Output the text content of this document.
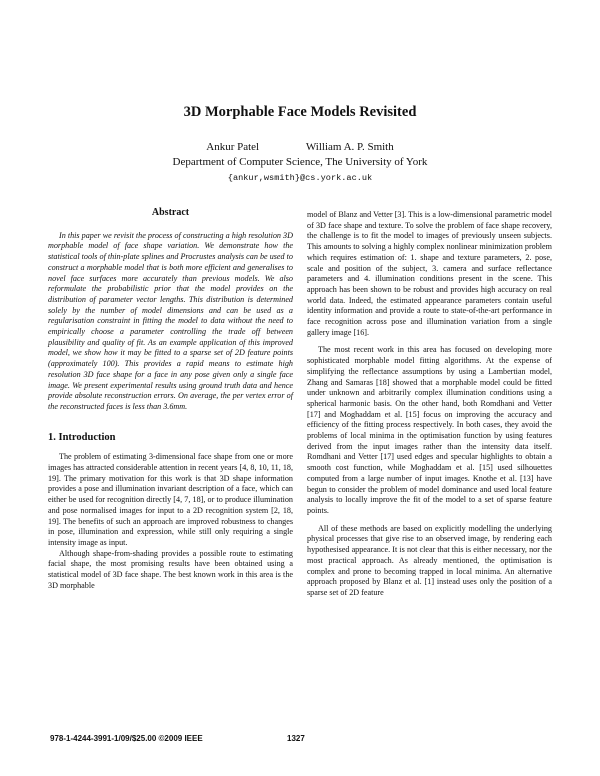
3D Morphable Face Models Revisited
Ankur Patel	William A. P. Smith
Department of Computer Science, The University of York
{ankur,wsmith}@cs.york.ac.uk

Abstract

In this paper we revisit the process of constructing a high resolution 3D morphable model of face shape variation. We demonstrate how the statistical tools of thin-plate splines and Procrustes analysis can be used to construct a morphable model that is both more efficient and generalises to novel face surfaces more accurately than previous models. We also reformulate the probabilistic prior that the model provides on the distribution of parameter vector lengths. This distribution is determined solely by the number of model dimensions and can be used as a regularisation constraint in fitting the model to data without the need to empirically choose a parameter controlling the trade off between plausibility and quality of fit. As an example application of this improved model, we show how it may be fitted to a sparse set of 2D feature points (approximately 100). This provides a rapid means to estimate high resolution 3D face shape for a face in any pose given only a single face image. We present experimental results using ground truth data and hence provide absolute reconstruction errors. On average, the per vertex error of the reconstructed faces is less than 3.6mm.

1. Introduction

The problem of estimating 3-dimensional face shape from one or more images has attracted considerable attention in recent years [4, 8, 10, 11, 18, 19]. The primary motivation for this work is that 3D shape information provides a pose and illumination invariant description of a face, which can either be used for recognition directly [4, 7, 18], or to produce illumination and pose normalised images for input to a 2D recognition system [2, 18, 19]. The benefits of such an approach are improved robustness to changes in pose, illumination and expression, while still only requiring a single intensity image as input.

Although shape-from-shading provides a possible route to estimating facial shape, the most promising results have been obtained using a statistical model of 3D face shape. The best known work in this area is the 3D morphable

model of Blanz and Vetter [3]. This is a low-dimensional parametric model of 3D face shape and texture. To solve the problem of face shape recovery, the challenge is to fit the model to images of previously unseen subjects. This amounts to solving a highly complex nonlinear minimization problem which requires estimation of: 1. shape and texture parameters, 2. pose, scale and position of the subject, 3. camera and surface reflectance parameters and 4. illumination conditions present in the scene. This approach has been shown to be robust and provides high accuracy on real world data. Indeed, the estimated appearance parameters contain useful identity information and provide a route to state-of-the-art performance in face recognition across pose and illumination variation from a single gallery image [16].

The most recent work in this area has focused on developing more sophisticated morphable model fitting algorithms. At the expense of simplifying the reflectance assumptions by using a Lambertian model, Zhang and Samaras [18] showed that a morphable model could be fitted under unknown and arbitrarily complex illumination conditions using a spherical harmonic basis. On the other hand, both Romdhani and Vetter [17] and Moghaddam et al. [15] focus on improving the accuracy and efficiency of the fitting process respectively. In both cases, they avoid the problems of local minima in the optimisation function by using features derived from the input images rather than the intensity data itself. Romdhani and Vetter [17] used edges and specular highlights to obtain a smooth cost function, while Moghaddam et al. [15] used silhouettes computed from a large number of input images. Knothe et al. [13] have begun to consider the problem of model dominance and used local feature analysis to locally improve the fit of the model to a set of sparse feature points.

All of these methods are based on explicitly modelling the underlying physical processes that give rise to an observed image, by rendering each hypothesised appearance. It is not clear that this is either necessary, nor the most practical approach. As already mentioned, the optimisation is complex and prone to becoming trapped in local minima. An alternative approach proposed by Blanz et al. [1] instead uses only the position of a sparse set of 2D feature

978-1-4244-3991-1/09/$25.00 ©2009 IEEE	1327
